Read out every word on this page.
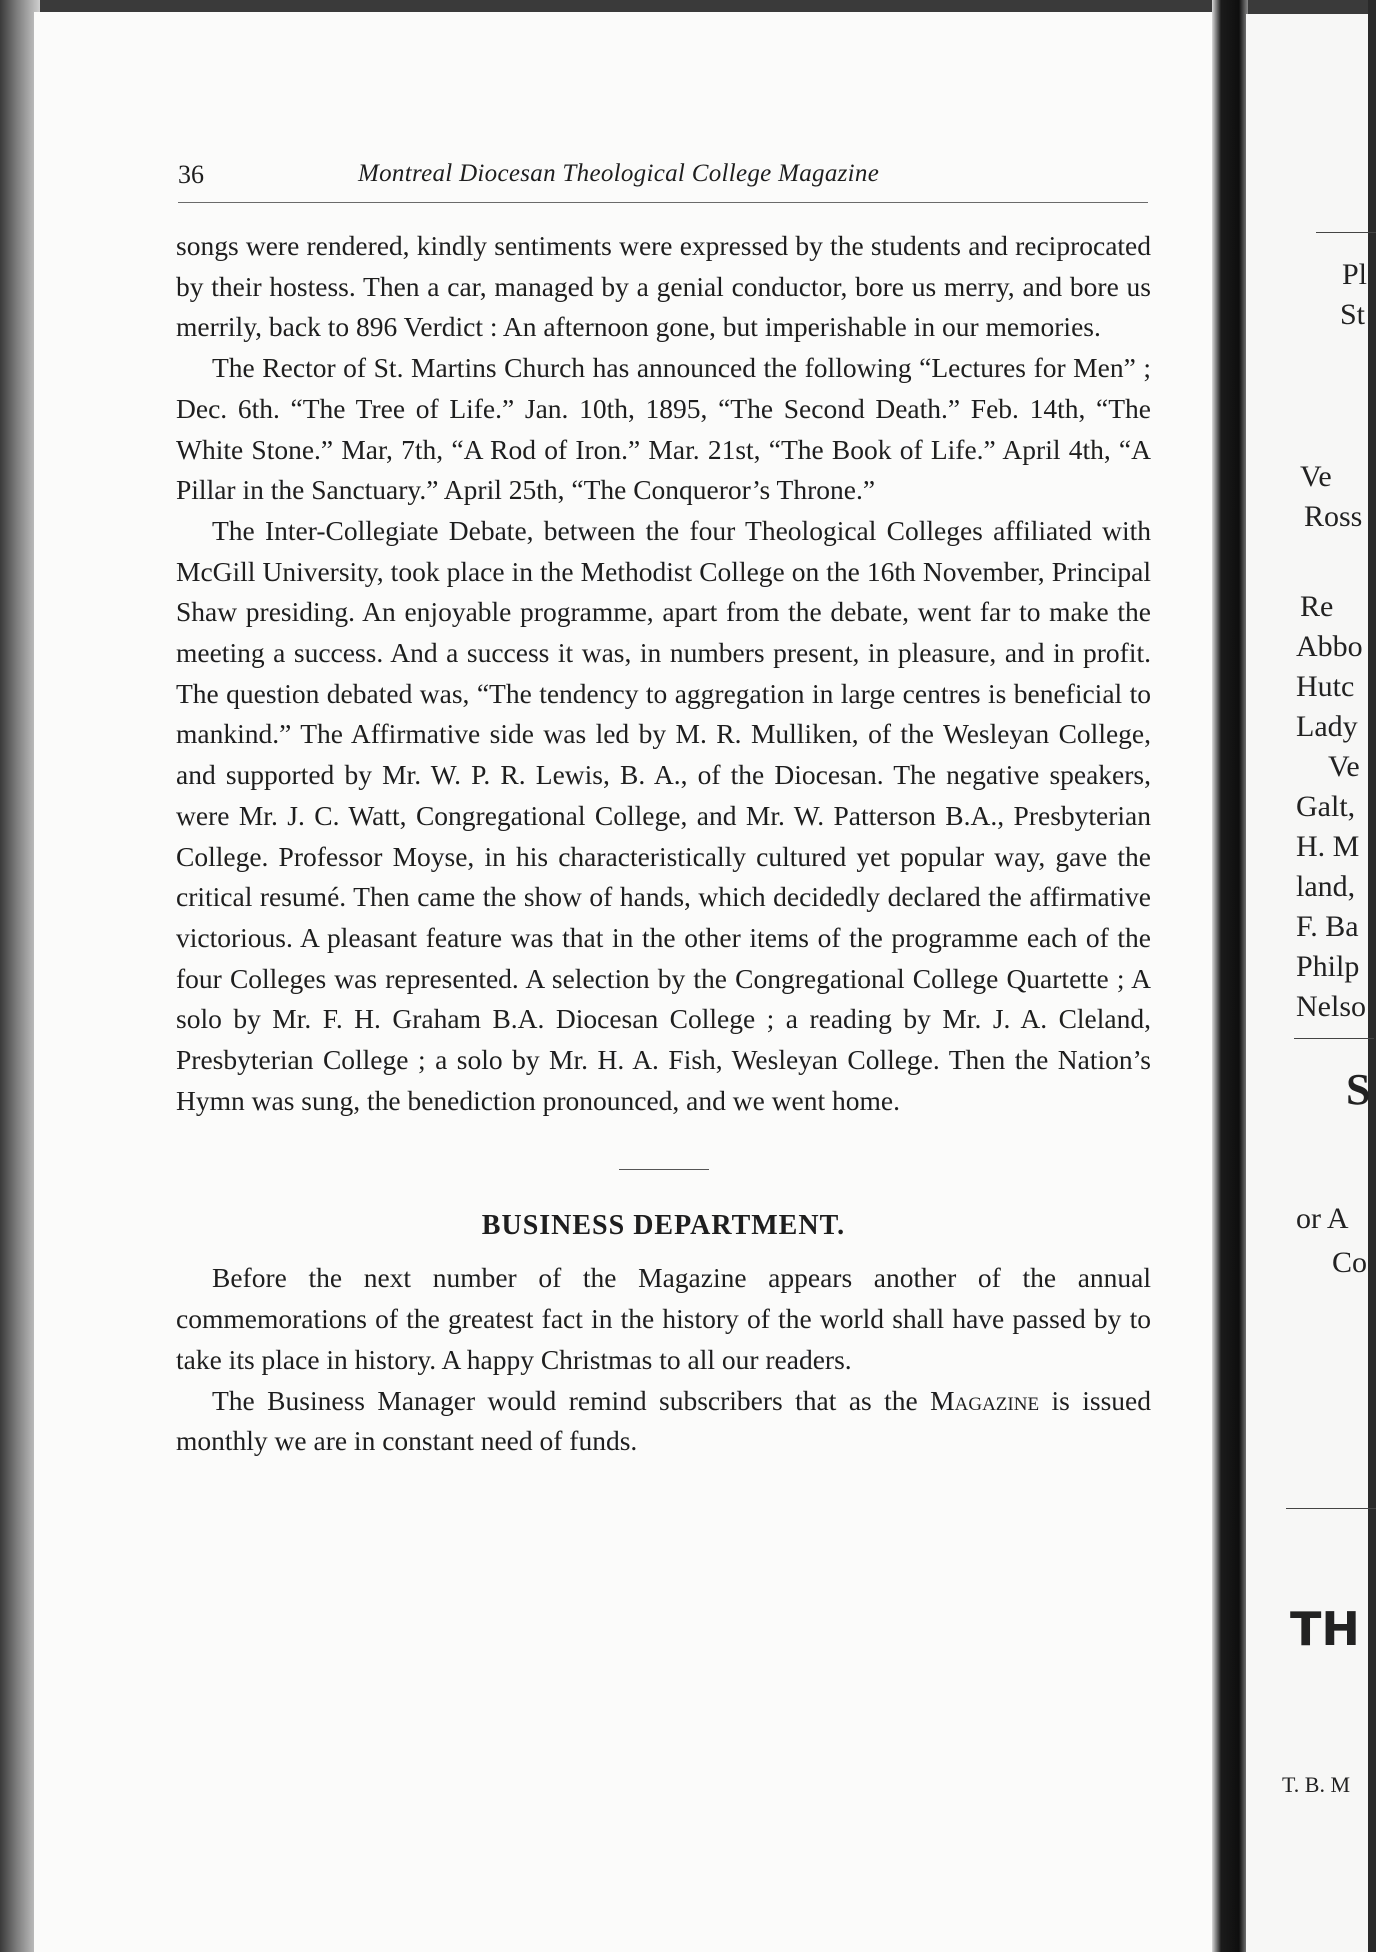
36	Montreal Diocesan Theological College Magazine

songs were rendered, kindly sentiments were expressed by the students and reciprocated by their hostess. Then a car, managed by a genial conductor, bore us merry, and bore us merrily, back to 896 Verdict : An afternoon gone, but imperishable in our memories.

The Rector of St. Martins Church has announced the following “Lectures for Men” ; Dec. 6th. “The Tree of Life.” Jan. 10th, 1895, “The Second Death.” Feb. 14th, “The White Stone.” Mar, 7th, “A Rod of Iron.” Mar. 21st, “The Book of Life.” April 4th, “A Pillar in the Sanctuary.” April 25th, “The Conqueror’s Throne.”

The Inter-Collegiate Debate, between the four Theological Colleges affiliated with McGill University, took place in the Methodist College on the 16th November, Principal Shaw presiding. An enjoyable programme, apart from the debate, went far to make the meeting a success. And a success it was, in numbers present, in pleasure, and in profit. The question debated was, “The tendency to aggregation in large centres is beneficial to mankind.” The Affirmative side was led by M. R. Mulliken, of the Wesleyan College, and supported by Mr. W. P. R. Lewis, B. A., of the Diocesan. The negative speakers, were Mr. J. C. Watt, Congregational College, and Mr. W. Patterson B.A., Presbyterian College. Professor Moyse, in his characteristically cultured yet popular way, gave the critical resumé. Then came the show of hands, which decidedly declared the affirmative victorious. A pleasant feature was that in the other items of the programme each of the four Colleges was represented. A selection by the Congregational College Quartette ; A solo by Mr. F. H. Graham B.A. Diocesan College ; a reading by Mr. J. A. Cleland, Presbyterian College ; a solo by Mr. H. A. Fish, Wesleyan College. Then the Nation’s Hymn was sung, the benediction pronounced, and we went home.

BUSINESS DEPARTMENT.

Before the next number of the Magazine appears another of the annual commemorations of the greatest fact in the history of the world shall have passed by to take its place in history. A happy Christmas to all our readers.

The Business Manager would remind subscribers that as the Magazine is issued monthly we are in constant need of funds.

Pl
St
Ve
Ross
Re
Abbo
Hutc
Lady
Ve
Galt,
H. M
land,
F. Ba
Philp
Nelso
S
or A
Co
TH
T. B. M
